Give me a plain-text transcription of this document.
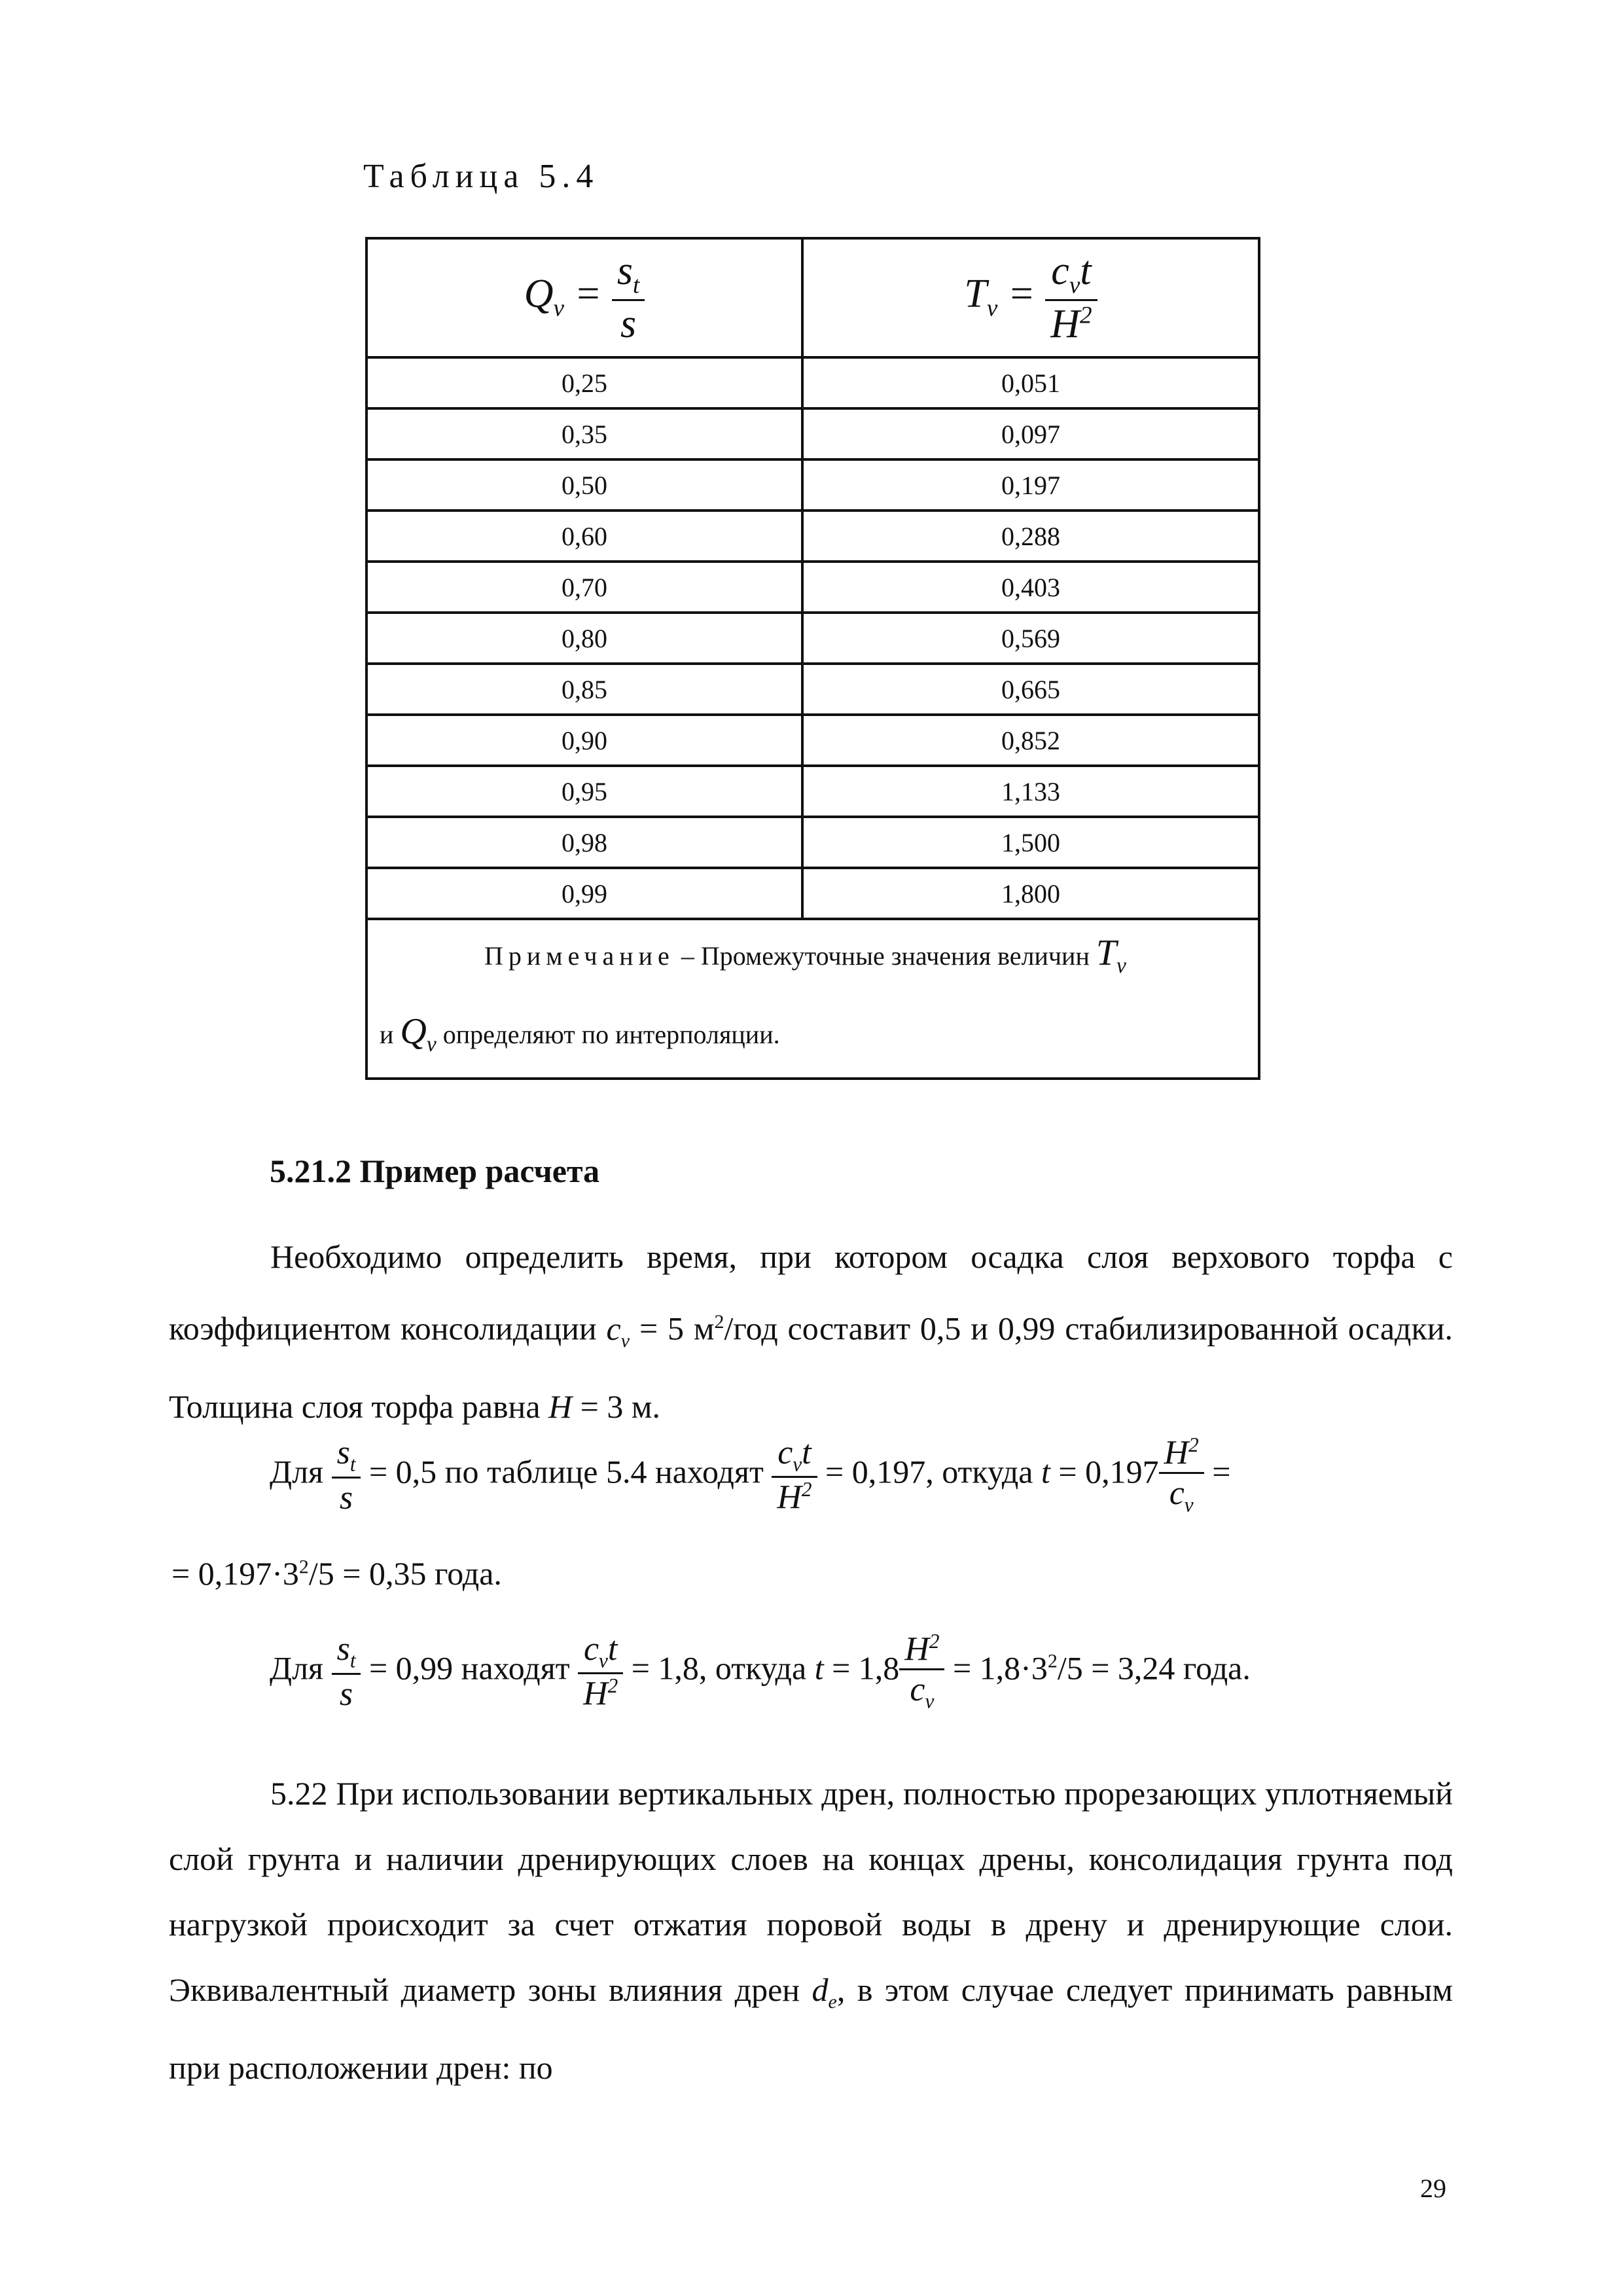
Таблица 5.4
$Q_v = \frac{s_t}{s}$	$T_v = \frac{c_vt}{H^2}$

0,25	0,051
0,35	0,097
0,50	0,197
0,60	0,288
0,70	0,403
0,80	0,569
0,85	0,665
0,90	0,852
0,95	1,133
0,98	1,500
0,99	1,800

Примечание – Промежуточные значения величин $T_v$
и $Q_v$ определяют по интерполяции.	
5.21.2 Пример расчета
Необходимо определить время, при котором осадка слоя верхового торфа с коэффициентом консолидации $c_v = 5$ $м^2$/год составит 0,5 и 0,99 стабилизированной осадки. Толщина слоя торфа равна H = 3 м.
Для $\frac{s_t}{s} = 0,5$ по таблице 5.4 находят $\frac{c_vt}{H^2} = 0,197$, откуда $t = 0,197 \frac{H^2}{c_v}$ =
= $0,197\cdot 3^2/5 = 0,35$ года.
Для $\frac{s_t}{s} = 0,99$ находят $\frac{c_vt}{H^2} = 1,8$, откуда $t = 1,8 \frac{H^2}{c_v} = 1,8\cdot 3^2/5 = 3,24$ года.
5.22 При использовании вертикальных дрен, полностью прорезающих уплотняемый слой грунта и наличии дренирующих слоев на концах дрены, консолидация грунта под нагрузкой происходит за счет отжатия поровой воды в дрену и дренирующие слои. Эквивалентный диаметр зоны влияния дрен $d_e$, в этом случае следует принимать равным при расположении дрен: по
29
